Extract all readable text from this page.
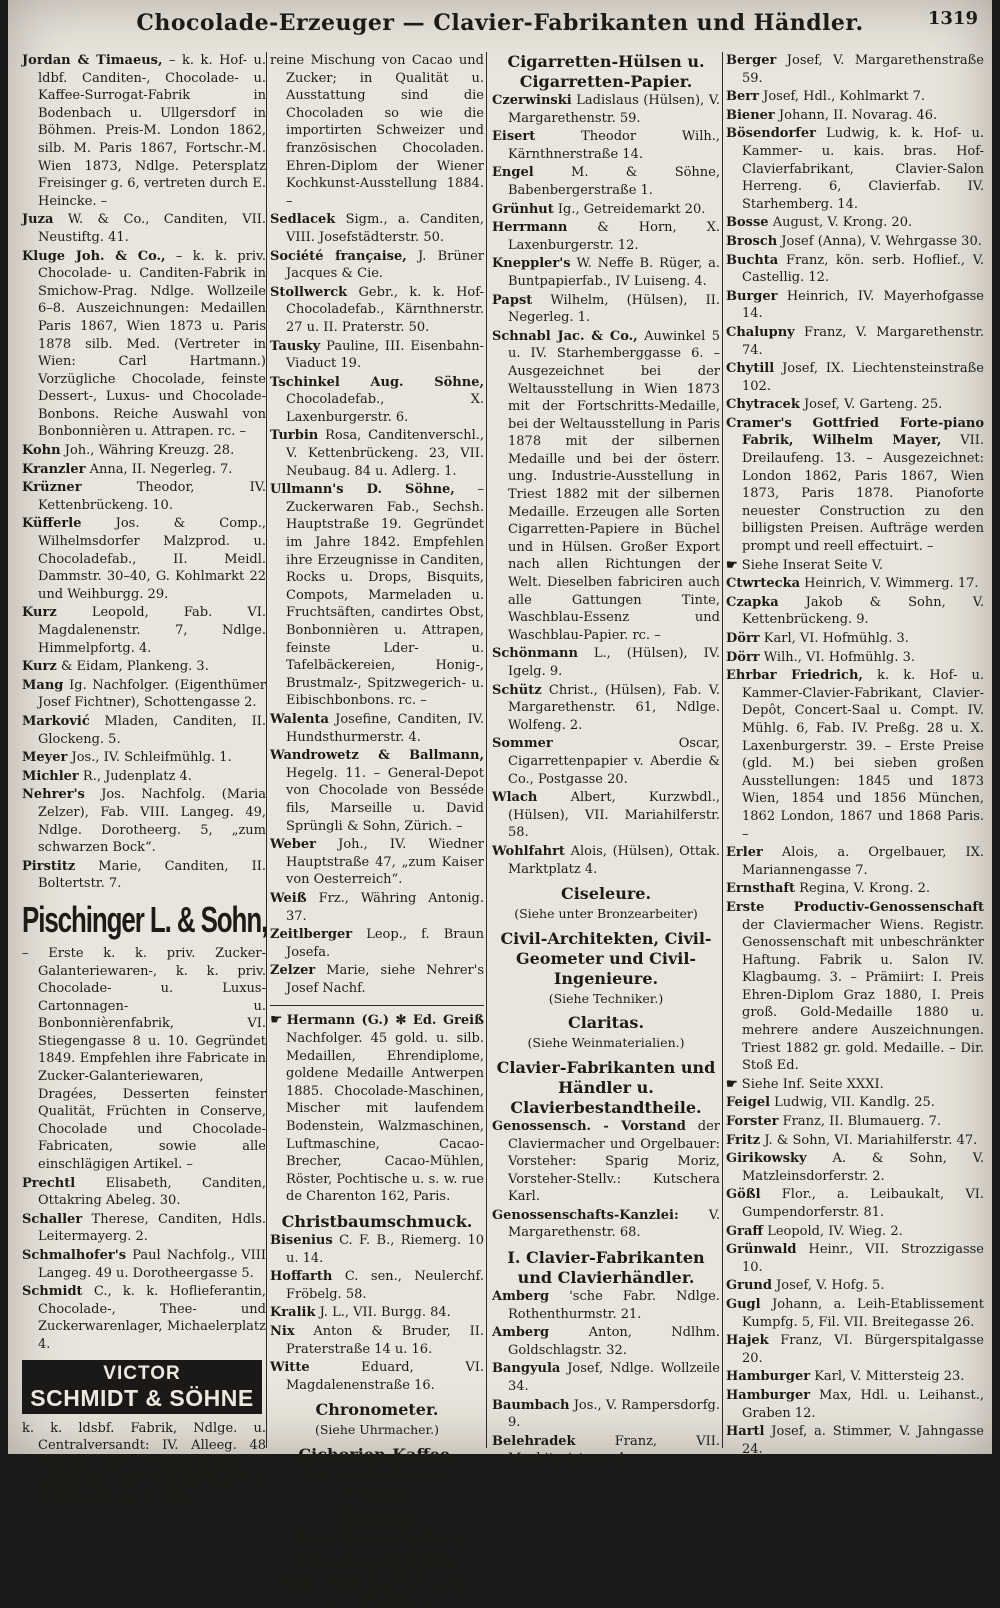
Chocolade-Erzeuger — Clavier-Fabrikanten und Händler.	1319
Jordan & Timaeus, – k. k. Hof- u. ldbf. Canditen-, Chocolade- u. Kaffee-Surrogat-Fabrik in Bodenbach u. Ullgersdorf in Böhmen. Preis-M. London 1862, silb. M. Paris 1867, Fortschr.-M. Wien 1873, Ndlge. Petersplatz Freisinger g. 6, vertreten durch E. Heincke. –
Juza W. & Co., Canditen, VII. Neustiftg. 41.
Kluge Joh. & Co., – k. k. priv. Chocolade- u. Canditen-Fabrik in Smichow-Prag. Ndlge. Wollzeile 6–8. Auszeichnungen: Medaillen Paris 1867, Wien 1873 u. Paris 1878 silb. Med. (Vertreter in Wien: Carl Hartmann.) Vorzügliche Chocolade, feinste Dessert-, Luxus- und Chocolade-Bonbons. Reiche Auswahl von Bonbonnièren u. Attrapen. rc. –
Kohn Joh., Währing Kreuzg. 28.
Kranzler Anna, II. Negerleg. 7.
Krüzner	Theodor, IV. Kettenbrückeng. 10.
Küfferle	Jos. & Comp., Wilhelmsdorfer Malzprod. u. Chocoladefab., II. Meidl. Dammstr. 30–40, G. Kohlmarkt 22 und Weihburgg. 29.
Kurz	Leopold, Fab. VI. Magdalenenstr. 7, Ndlge. Himmelpfortg. 4.
Kurz & Eidam, Plankeng. 3.
Mang Ig. Nachfolger. (Eigenthümer Josef Fichtner), Schottengasse 2.
Marković Mladen, Canditen, II. Glockeng. 5.
Meyer Jos., IV. Schleifmühlg. 1.
Michler R., Judenplatz 4.
Nehrer's Jos. Nachfolg. (Maria Zelzer), Fab. VIII. Langeg. 49, Ndlge. Dorotheerg. 5, „zum schwarzen Bock“.
Pirstitz Marie, Canditen, II. Boltertstr. 7.
Pischinger L. & Sohn,
– Erste k. k. priv. Zucker-Galanteriewaren-, k. k. priv. Chocolade- u. Luxus-Cartonnagen- u. Bonbonnièrenfabrik, VI. Stiegengasse 8 u. 10. Gegründet 1849. Empfehlen ihre Fabricate in Zucker-Galanteriewaren, Dragées, Desserten feinster Qualität, Früchten in Conserve, Chocolade und Chocolade-Fabricaten, sowie alle einschlägigen Artikel. –
Prechtl Elisabeth, Canditen, Ottakring Abeleg. 30.
Schaller Therese, Canditen, Hdls. Leitermayerg. 2.
Schmalhofer's Paul Nachfolg., VIII Langeg. 49 u. Dorotheergasse 5.
Schmidt C., k. k. Hoflieferantin, Chocolade-, Thee- und Zuckerwarenlager, Michaelerplatz 4.
VICTOR
SCHMIDT & SÖHNE
k. k. ldsbf. Fabrik, Ndlge. u. Centralversandt: IV. Alleeg. 48 (nächst dem Südbahnhofe). – Gegründet 1847. Anerkannt reelle Fabrication, garantirte
reine Mischung von Cacao und Zucker; in Qualität u. Ausstattung sind die Chocoladen so wie die importirten Schweizer und französischen Chocoladen. Ehren-Diplom der Wiener Kochkunst-Ausstellung 1884. –
Sedlacek Sigm., a. Canditen, VIII. Josefstädterstr. 50.
Société française, J. Brüner Jacques & Cie.
Stollwerck Gebr., k. k. Hof-Chocoladefab., Kärnthnerstr. 27 u. II. Praterstr. 50.
Tausky Pauline, III. Eisenbahn-Viaduct 19.
Tschinkel Aug. Söhne, Chocoladefab., X. Laxenburgerstr. 6.
Turbin Rosa, Canditenverschl., V. Kettenbrückeng. 23, VII. Neubaug. 84 u. Adlerg. 1.
Ullmann's D. Söhne, – Zuckerwaren Fab., Sechsh. Hauptstraße 19. Gegründet im Jahre 1842. Empfehlen ihre Erzeugnisse in Canditen, Rocks u. Drops, Bisquits, Compots, Marmeladen u. Fruchtsäften, candirtes Obst, Bonbonnièren u. Attrapen, feinste Lder- u. Tafelbäckereien, Honig-, Brustmalz-, Spitzwegerich- u. Eibischbonbons. rc. –
Walenta Josefine, Canditen, IV. Hundsthurmerstr. 4.
Wandrowetz & Ballmann, Hegelg. 11. – General-Depot von Chocolade von Besséde fils, Marseille u. David Sprüngli & Sohn, Zürich. –
Weber Joh., IV. Wiedner Hauptstraße 47, „zum Kaiser von Oesterreich“.
Weiß Frz., Währing Antonig. 37.
Zeitlberger Leop., f. Braun Josefa.
Zelzer Marie, siehe Nehrer's Josef Nachf.
☛ Hermann (G.) ✻ Ed. Greiß Nachfolger. 45 gold. u. silb. Medaillen, Ehrendiplome, goldene Medaille Antwerpen 1885. Chocolade-Maschinen, Mischer mit laufendem Bodenstein, Walzmaschinen, Luftmaschine, Cacao-Brecher, Cacao-Mühlen, Röster, Pochtische u. s. w. rue de Charenton 162, Paris.
Christbaumschmuck.
Bisenius C. F. B., Riemerg. 10 u. 14.
Hoffarth C. sen., Neulerchf. Fröbelg. 58.
Kralik J. L., VII. Burgg. 84.
Nix Anton & Bruder, II. Praterstraße 14 u. 16.
Witte	Eduard, VI. Magdalenenstraße 16.
Chronometer.
(Siehe Uhrmacher.)
Cichorien-Kaffee.
(Siehe Kaffee-Surrogat-Erzeuger.)
Cigarren.
(Siehe Tabak u. Cigarren.)
Cigarren-Spitzen.
(Siehe Papiercigarrenspitzen, dann Drechsler.)
Cigarretten-Hülsen u. Cigarretten-Papier.
Czerwinski Ladislaus (Hülsen), V. Margarethenstr. 59.
Eisert	Theodor Wilh., Kärnthnerstraße 14.
Engel	M. & Söhne, Babenbergerstraße 1.
Grünhut Ig., Getreidemarkt 20.
Herrmann & Horn, X. Laxenburgerstr. 12.
Kneppler's W. Neffe B. Rüger, a. Buntpapierfab., IV Luiseng. 4.
Papst Wilhelm, (Hülsen), II. Negerleg. 1.
Schnabl Jac. & Co., Auwinkel 5 u. IV. Starhemberggasse 6. – Ausgezeichnet bei der Weltausstellung in Wien 1873 mit der Fortschritts-Medaille, bei der Weltausstellung in Paris 1878 mit der silbernen Medaille und bei der österr. ung. Industrie-Ausstellung in Triest 1882 mit der silbernen Medaille. Erzeugen alle Sorten Cigarretten-Papiere in Büchel und in Hülsen. Großer Export nach allen Richtungen der Welt. Dieselben fabriciren auch alle Gattungen Tinte, Waschblau-Essenz und Waschblau-Papier. rc. –
Schönmann L., (Hülsen), IV. Igelg. 9.
Schütz Christ., (Hülsen), Fab. V. Margarethenstr. 61, Ndlge. Wolfeng. 2.
Sommer	Oscar, Cigarrettenpapier v. Aberdie & Co., Postgasse 20.
Wlach	Albert, Kurzwbdl., (Hülsen), VII. Mariahilferstr. 58.
Wohlfahrt Alois, (Hülsen), Ottak. Marktplatz 4.
Ciseleure.
(Siehe unter Bronzearbeiter)
Civil-Architekten, Civil-Geometer und Civil-Ingenieure.
(Siehe Techniker.)
Claritas.
(Siehe Weinmaterialien.)
Clavier-Fabrikanten und Händler u. Clavierbestandtheile.
Genossensch. - Vorstand der Claviermacher und Orgelbauer: Vorsteher: Sparig Moriz, Vorsteher-Stellv.: Kutschera Karl.
Genossenschafts-Kanzlei: V. Margarethenstr. 68.
I. Clavier-Fabrikanten und Clavierhändler.
Amberg 'sche Fabr. Ndlge. Rothenthurmstr. 21.
Amberg	Anton, Ndlhm. Goldschlagstr. 32.
Bangyula Josef, Ndlge. Wollzeile 34.
Baumbach Jos., V. Rampersdorfg. 9.
Belehradek	Franz, VII. Mechitaristeng. 4.
Berger Josef, V. Margarethenstraße 59.
Berr Josef, Hdl., Kohlmarkt 7.
Biener Johann, II. Novarag. 46.
Bösendorfer Ludwig, k. k. Hof- u. Kammer- u. kais. bras. Hof-Clavierfabrikant, Clavier-Salon Herreng. 6, Clavierfab. IV. Starhemberg. 14.
Bosse August, V. Krong. 20.
Brosch Josef (Anna), V. Wehrgasse 30.
Buchta Franz, kön. serb. Hoflief., V. Castellig. 12.
Burger Heinrich, IV. Mayerhofgasse 14.
Chalupny Franz, V. Margarethenstr. 74.
Chytill Josef, IX. Liechtensteinstraße 102.
Chytracek Josef, V. Garteng. 25.
Cramer's Gottfried Forte-piano Fabrik, Wilhelm Mayer, VII. Dreilaufeng. 13. – Ausgezeichnet: London 1862, Paris 1867, Wien 1873, Paris 1878. Pianoforte neuester Construction zu den billigsten Preisen. Aufträge werden prompt und reell effectuirt. –
☛ Siehe Inserat Seite V.
Ctwrtecka Heinrich, V. Wimmerg. 17.
Czapka Jakob & Sohn, V. Kettenbrückeng. 9.
Dörr Karl, VI. Hofmühlg. 3.
Dörr Wilh., VI. Hofmühlg. 3.
Ehrbar Friedrich, k. k. Hof- u. Kammer-Clavier-Fabrikant, Clavier-Depôt, Concert-Saal u. Compt. IV. Mühlg. 6, Fab. IV. Preßg. 28 u. X. Laxenburgerstr. 39. – Erste Preise (gld. M.) bei sieben großen Ausstellungen: 1845 und 1873 Wien, 1854 und 1856 München, 1862 London, 1867 und 1868 Paris. –
Erler Alois, a. Orgelbauer, IX. Mariannengasse 7.
Ernsthaft Regina, V. Krong. 2.
Erste Productiv-Genossenschaft der Claviermacher Wiens. Registr. Genossenschaft mit unbeschränkter Haftung. Fabrik u. Salon IV. Klagbaumg. 3. – Prämiirt: I. Preis Ehren-Diplom Graz 1880, I. Preis groß. Gold-Medaille 1880 u. mehrere andere Auszeichnungen. Triest 1882 gr. gold. Medaille. – Dir. Stoß Ed.
☛ Siehe Inf. Seite XXXI.
Feigel Ludwig, VII. Kandlg. 25.
Forster Franz, II. Blumauerg. 7.
Fritz J. & Sohn, VI. Mariahilferstr. 47.
Girikowsky A. & Sohn, V. Matzleinsdorferstr. 2.
Gößl Flor., a. Leibaukalt, VI. Gumpendorferstr. 81.
Graff Leopold, IV. Wieg. 2.
Grünwald Heinr., VII. Strozzigasse 10.
Grund Josef, V. Hofg. 5.
Gugl Johann, a. Leih-Etablissement Kumpfg. 5, Fil. VII. Breitegasse 26.
Hajek Franz, VI. Bürgerspitalgasse 20.
Hamburger Karl, V. Mittersteig 23.
Hamburger Max, Hdl. u. Leihanst., Graben 12.
Hartl Josef, a. Stimmer, V. Jahngasse 24.
